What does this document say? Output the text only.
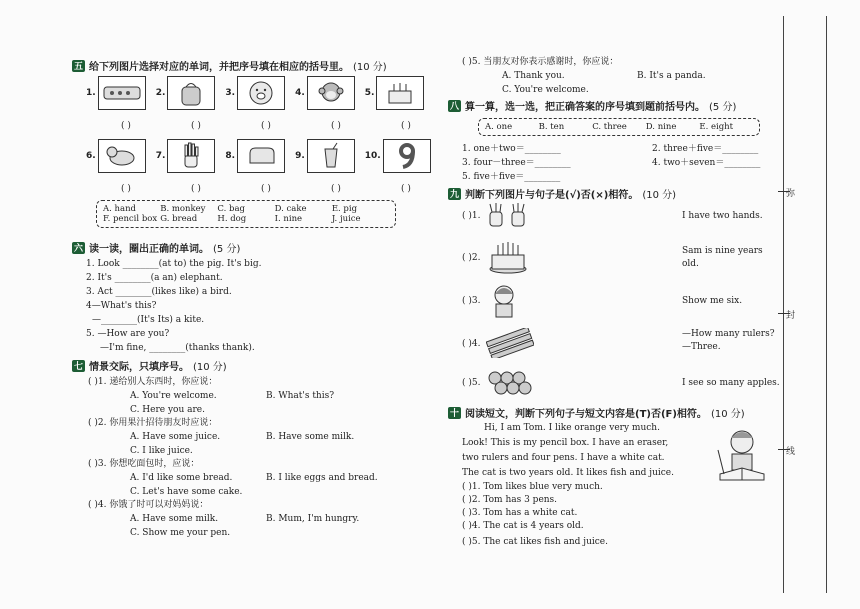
五 给下列图片选择对应的单词，并把序号填在相应的括号里。 (10 分)
1.	2.	3.	4.	5.
( )	( )	( )	( )	( )
6.	7.	8.	9.	10.
( )	( )	( )	( )	( )
A. hand	B. monkey	C. bag	D. cake	E. pig
F. pencil box G. bread	H. dog	I. nine	J. juice
六 读一读，圈出正确的单词。 (5 分)
1. Look ________(at to) the pig. It's big.
2. It's ________(a an) elephant.
3. Act ________(likes like) a bird.
4—What's this?
—________(It's Its) a kite.
5. —How are you?
—I'm fine, ________(thanks thank).
七 情景交际，只填序号。 (10 分)
( )1. 递给别人东西时，你应说：
A. You're welcome.	B. What's this?
C. Here you are.
( )2. 你用果汁招待朋友时应说：
A. Have some juice.	B. Have some milk.
C. I like juice.
( )3. 你想吃面包时，应说：
A. I'd like some bread.	B. I like eggs and bread.
C. Let's have some cake.
( )4. 你饿了时可以对妈妈说：
A. Have some milk.	B. Mum, I'm hungry.
C. Show me your pen.
( )5. 当朋友对你表示感谢时，你应说：
A. Thank you.	B. It's a panda.
C. You're welcome.
八 算一算，选一选，把正确答案的序号填到题前括号内。 (5 分)
A. one	B. ten	C. three	D. nine	E. eight
1. one＋two＝________	2. three＋five＝________
3. four－three＝________	4. two＋seven＝________
5. five＋five＝________
九 判断下列图片与句子是(√)否(×)相符。 (10 分)
( )1.	I have two hands.
( )2.
Sam is nine years old.
( )3.	Show me six.
( )4.
—How many rulers?
—Three.
( )5.	I see so many apples.
十 阅读短文，判断下列句子与短文内容是(T)否(F)相符。 (10 分)
Hi, I am Tom. I like orange very much.
Look! This is my pencil box. I have an eraser,
two rulers and four pens. I have a white cat.
The cat is two years old. It likes fish and juice.
( )1. Tom likes blue very much.
( )2. Tom has 3 pens.
( )3. Tom has a white cat.
( )4. The cat is 4 years old.
( )5. The cat likes fish and juice.
弥
封
线
